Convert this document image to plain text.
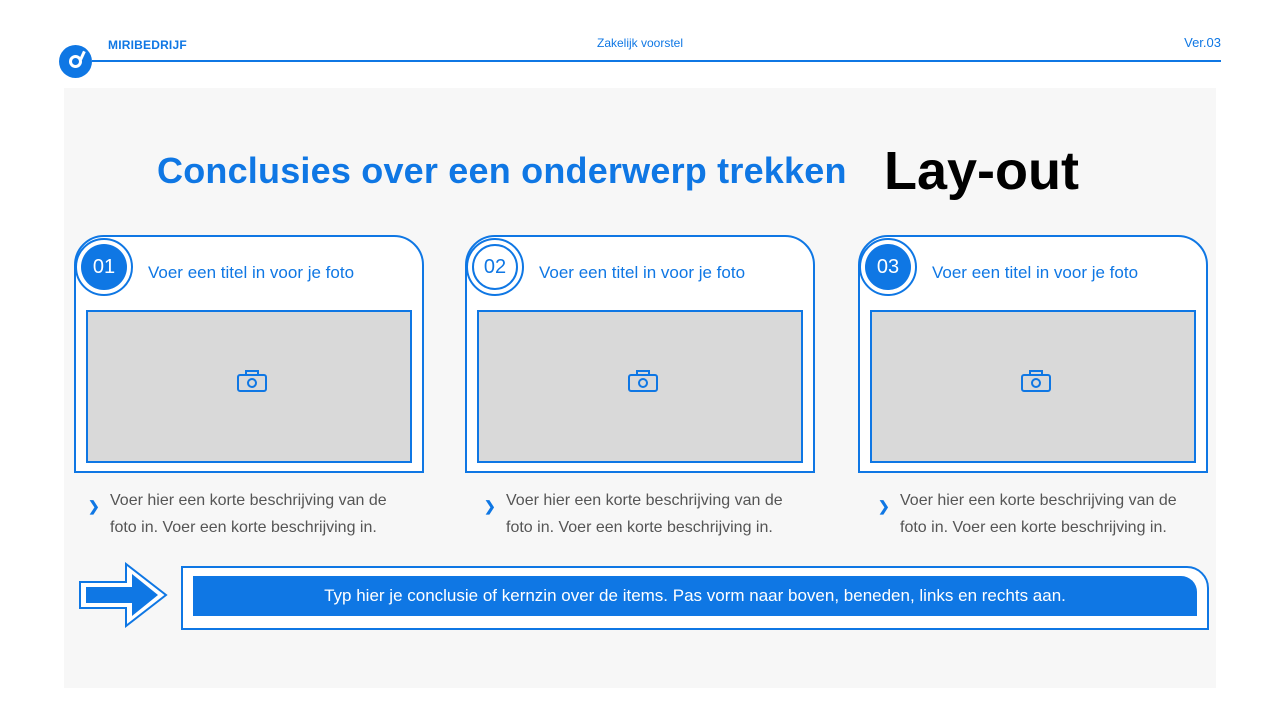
MIRIBEDRIJF	Zakelijk voorstel	Ver.03
Conclusies over een onderwerp trekken Lay-out
01	Voer een titel in voor je foto
❯ Voer hier een korte beschrijving van de foto in. Voer een korte beschrijving in.
02	Voer een titel in voor je foto
❯ Voer hier een korte beschrijving van de foto in. Voer een korte beschrijving in.
03	Voer een titel in voor je foto
❯ Voer hier een korte beschrijving van de foto in. Voer een korte beschrijving in.
Typ hier je conclusie of kernzin over de items. Pas vorm naar boven, beneden, links en rechts aan.
